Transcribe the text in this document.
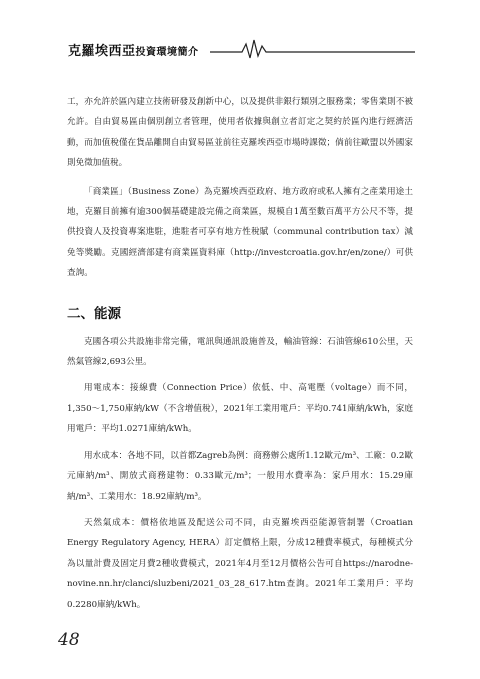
克羅埃西亞投資環境簡介

工，亦允許於區內建立技術研發及創新中心，以及提供非銀行類別之服務業；零售業則不被允許。自由貿易區由個別創立者管理，使用者依據與創立者訂定之契約於區內進行經濟活動，而加值稅僅在貨品離開自由貿易區並前往克羅埃西亞市場時課徵；倘前往歐盟以外國家則免徵加值稅。

「商業區」（Business Zone）為克羅埃西亞政府、地方政府或私人擁有之產業用途土地，克羅目前擁有逾300個基礎建設完備之商業區，規模自1萬至數百萬平方公尺不等，提供投資人及投資專案進駐，進駐者可享有地方性稅賦（communal contribution tax）減免等獎勵。克國經濟部建有商業區資料庫（http://investcroatia.gov.hr/en/zone/）可供查詢。

二、能源

克國各項公共設施非常完備，電訊與通訊設施普及，輸油管線：石油管線610公里，天然氣管線2,693公里。

用電成本：接線費（Connection Price）依低、中、高電壓（voltage）而不同，1,350～1,750庫納/kW（不含增值稅），2021年工業用電戶：平均0.741庫納/kWh，家庭用電戶：平均1.0271庫納/kWh。

用水成本：各地不同，以首都Zagreb為例：商務辦公處所1.12歐元/m³、工廠：0.2歐元庫納/m³、開放式商務建物：0.33歐元/m³；一般用水費率為：家戶用水：15.29庫納/m³、工業用水：18.92庫納/m³。

天然氣成本：價格依地區及配送公司不同，由克羅埃西亞能源管制署（Croatian Energy Regulatory Agency, HERA）訂定價格上限，分成12種費率模式，每種模式分為以量計費及固定月費2種收費模式，2021年4月至12月價格公告可自https://narodne-novine.nn.hr/clanci/sluzbeni/2021_03_28_617.htm查詢。2021年工業用戶：平均0.2280庫納/kWh。

48
